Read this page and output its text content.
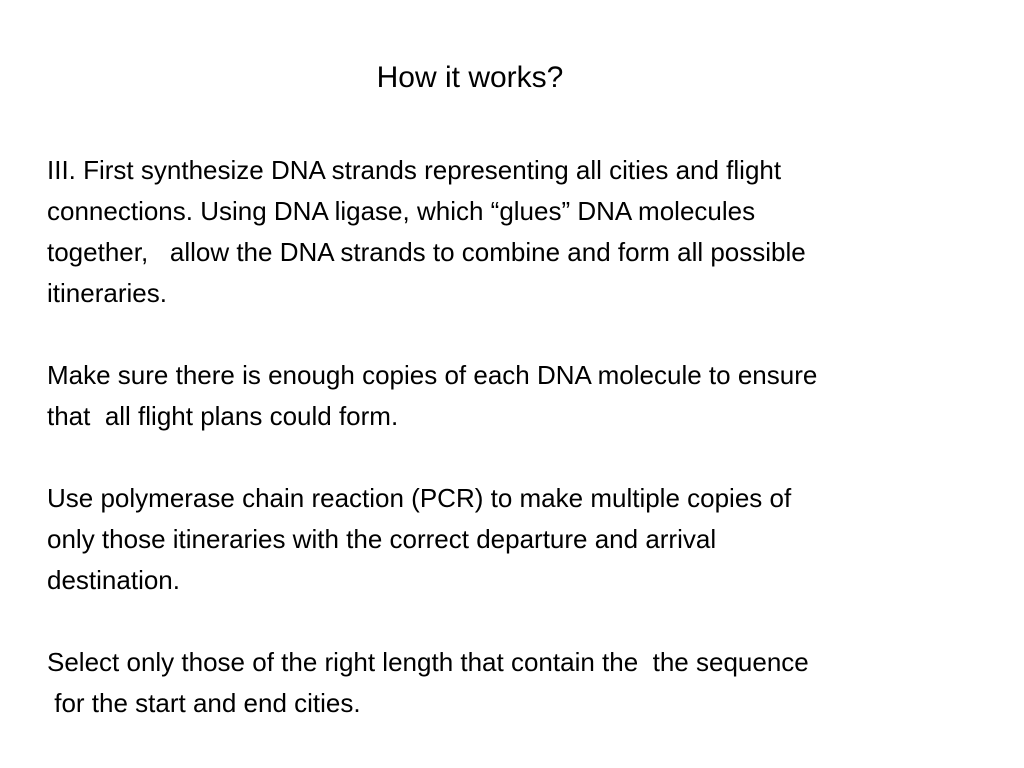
How it works?

III. First synthesize DNA strands representing all cities and flight
connections. Using DNA ligase, which “glues” DNA molecules
together,   allow the DNA strands to combine and form all possible
itineraries.

Make sure there is enough copies of each DNA molecule to ensure
that  all flight plans could form.

Use polymerase chain reaction (PCR) to make multiple copies of
only those itineraries with the correct departure and arrival
destination.

Select only those of the right length that contain the  the sequence
for the start and end cities.
